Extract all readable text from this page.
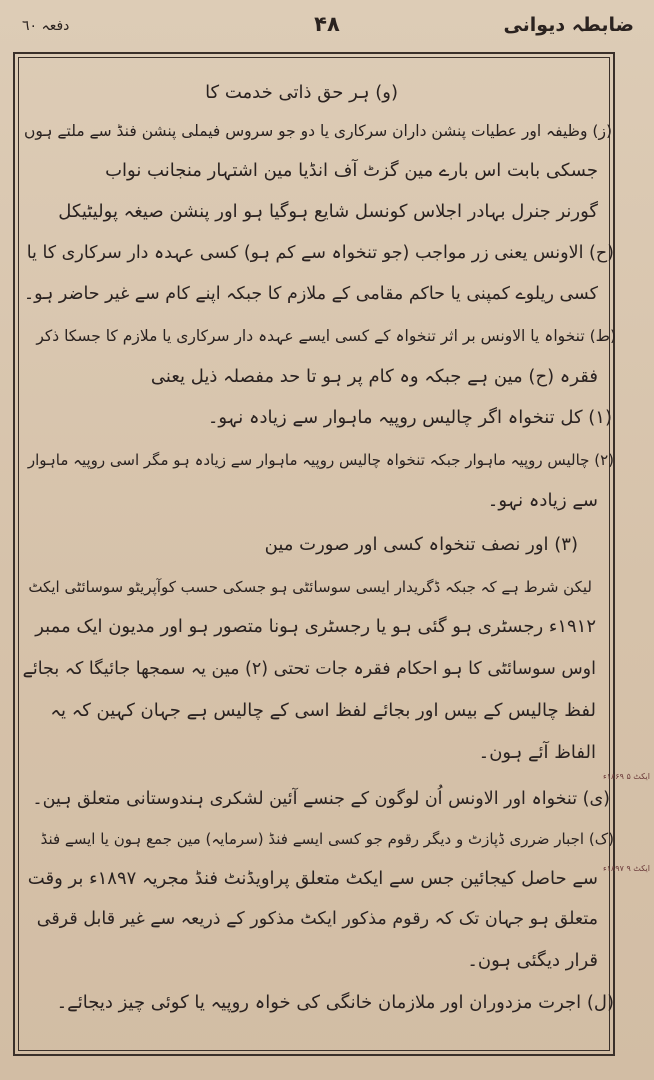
ضابطہ دیوانی
۴۸
دفعہ ٦٠
(و) ہر حق ذاتی خدمت کا
(ز) وظیفہ اور عطیات پنشن داران سرکاری یا دو جو سروس فیملی پنشن فنڈ سے ملتے ہوں
جسکی بابت اس بارے مین گزٹ آف انڈیا مین اشتہار منجانب نواب
گورنر جنرل بہادر اجلاس کونسل شایع ہوگیا ہو اور پنشن صیغہ پولیٹیکل
(ح) الاونس یعنی زر مواجب (جو تنخواہ سے کم ہو) کسی عہدہ دار سرکاری کا یا
کسی ریلوے کمپنی یا حاکم مقامی کے ملازم کا جبکہ اپنے کام سے غیر حاضر ہو۔
(ط) تنخواہ یا الاونس بر اثر تنخواہ کے کسی ایسے عہدہ دار سرکاری یا ملازم کا جسکا ذکر
فقرہ (ح) مین ہے جبکہ وہ کام پر ہو تا حد مفصلہ ذیل یعنی
(۱) کل تنخواہ اگر چالیس روپیہ ماہوار سے زیادہ نہو۔
(۲) چالیس روپیہ ماہوار جبکہ تنخواہ چالیس روپیہ ماہوار سے زیادہ ہو مگر اسی روپیہ ماہوار
سے زیادہ نہو۔
(۳) اور نصف تنخواہ کسی اور صورت مین
لیکن شرط ہے کہ جبکہ ڈگریدار ایسی سوسائٹی ہو جسکی حسب کوآپریٹو سوسائٹی ایکٹ
۱۹۱۲ء رجسٹری ہو گئی ہو یا رجسٹری ہونا متصور ہو اور مدیون ایک ممبر
اوس سوسائٹی کا ہو احکام فقرہ جات تحتی (۲) مین یہ سمجھا جائیگا کہ بجائے
لفظ چالیس کے بیس اور بجائے لفظ اسی کے چالیس ہے جہان کہین کہ یہ
الفاظ آئے ہون۔
(ی) تنخواہ اور الاونس اُن لوگون کے جنسے آئین لشکری ہندوستانی متعلق ہین۔
(ک) اجبار ضرری ڈپازٹ و دیگر رقوم جو کسی ایسے فنڈ (سرمایہ) مین جمع ہون یا ایسے فنڈ
سے حاصل کیجائین جس سے ایکٹ متعلق پراویڈنٹ فنڈ مجریہ ۱۸۹۷ء بر وقت
متعلق ہو جہان تک کہ رقوم مذکور ایکٹ مذکور کے ذریعہ سے غیر قابل قرقی
قرار دیگئی ہون۔
(ل) اجرت مزدوران اور ملازمان خانگی کی خواہ روپیہ یا کوئی چیز دیجائے۔
ایکٹ ۵ ۱۸۶۹ء
ایکٹ ۹ ۱۸۹۷ء
